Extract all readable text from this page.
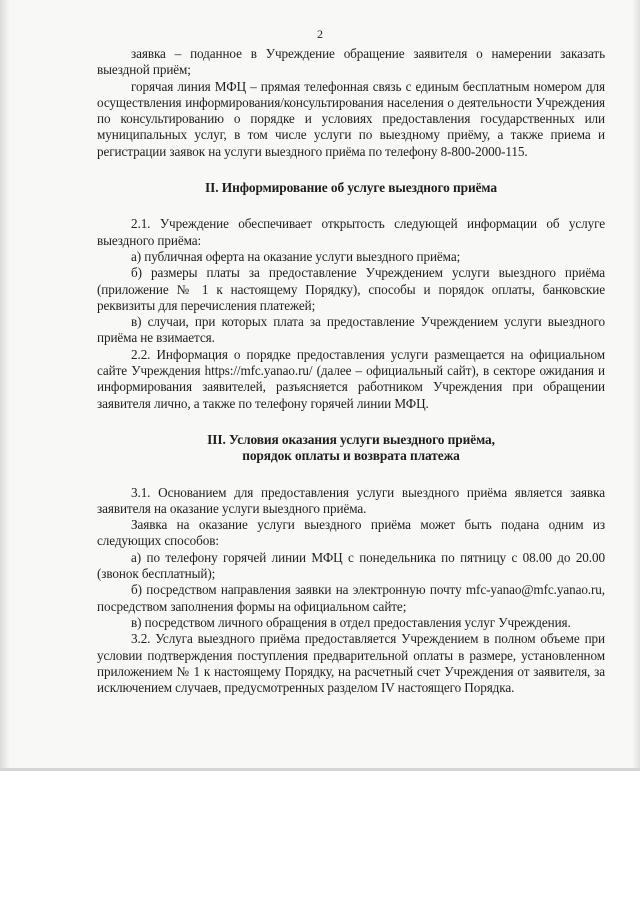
2

заявка – поданное в Учреждение обращение заявителя о намерении заказать выездной приём;

горячая линия МФЦ – прямая телефонная связь с единым бесплатным номером для осуществления информирования/консультирования населения о деятельности Учреждения по консультированию о порядке и условиях предоставления государственных или муниципальных услуг, в том числе услуги по выездному приёму, а также приема и регистрации заявок на услуги выездного приёма по телефону 8-800-2000-115.

II. Информирование об услуге выездного приёма

2.1. Учреждение обеспечивает открытость следующей информации об услуге выездного приёма:

а) публичная оферта на оказание услуги выездного приёма;

б) размеры платы за предоставление Учреждением услуги выездного приёма (приложение № 1 к настоящему Порядку), способы и порядок оплаты, банковские реквизиты для перечисления платежей;

в) случаи, при которых плата за предоставление Учреждением услуги выездного приёма не взимается.

2.2. Информация о порядке предоставления услуги размещается на официальном сайте Учреждения https://mfc.yanao.ru/ (далее – официальный сайт), в секторе ожидания и информирования заявителей, разъясняется работником Учреждения при обращении заявителя лично, а также по телефону горячей линии МФЦ.

III. Условия оказания услуги выездного приёма,

порядок оплаты и возврата платежа

3.1. Основанием для предоставления услуги выездного приёма является заявка заявителя на оказание услуги выездного приёма.

Заявка на оказание услуги выездного приёма может быть подана одним из следующих способов:

а) по телефону горячей линии МФЦ с понедельника по пятницу с 08.00 до 20.00 (звонок бесплатный);

б) посредством направления заявки на электронную почту mfc-yanao@mfc.yanao.ru, посредством заполнения формы на официальном сайте;

в) посредством личного обращения в отдел предоставления услуг Учреждения.

3.2. Услуга выездного приёма предоставляется Учреждением в полном объеме при условии подтверждения поступления предварительной оплаты в размере, установленном приложением № 1 к настоящему Порядку, на расчетный счет Учреждения от заявителя, за исключением случаев, предусмотренных разделом IV настоящего Порядка.
